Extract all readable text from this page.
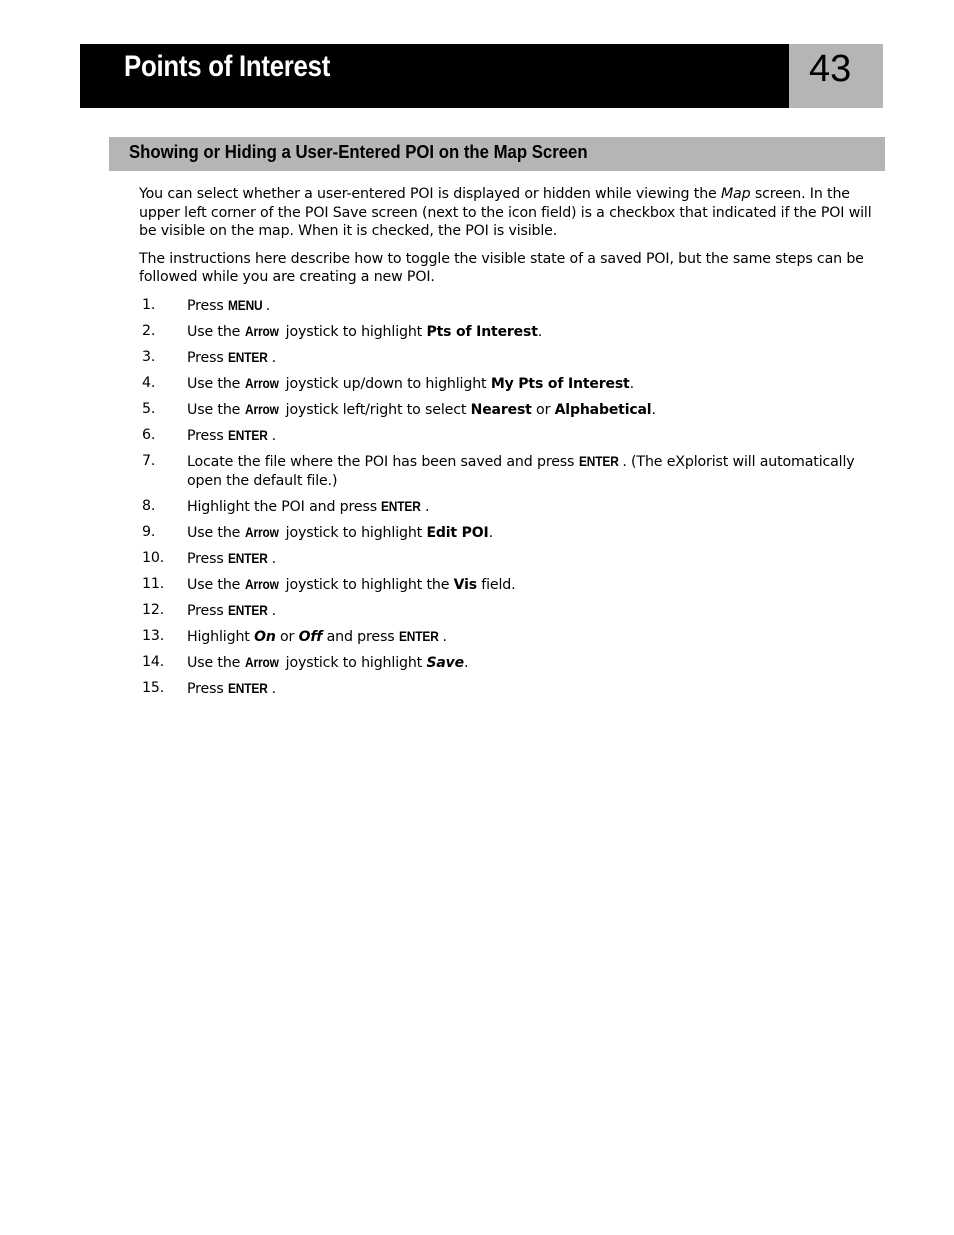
Points of Interest	43
Showing or Hiding a User-Entered POI on the Map Screen

You can select whether a user-entered POI is displayed or hidden while viewing the Map screen. In the upper left corner of the POI Save screen (next to the icon field) is a checkbox that indicated if the POI will be visible on the map. When it is checked, the POI is visible.

The instructions here describe how to toggle the visible state of a saved POI, but the same steps can be followed while you are creating a new POI.

1. Press MENU .
2. Use the Arrow joystick to highlight Pts of Interest.
3. Press ENTER .
4. Use the Arrow joystick up/down to highlight My Pts of Interest.
5. Use the Arrow joystick left/right to select Nearest or Alphabetical.
6. Press ENTER .
7. Locate the file where the POI has been saved and press ENTER . (The eXplorist will automatically open the default file.)
8. Highlight the POI and press ENTER .
9. Use the Arrow joystick to highlight Edit POI.
10. Press ENTER .
11. Use the Arrow joystick to highlight the Vis field.
12. Press ENTER .
13. Highlight On or Off and press ENTER .
14. Use the Arrow joystick to highlight Save.
15. Press ENTER .
